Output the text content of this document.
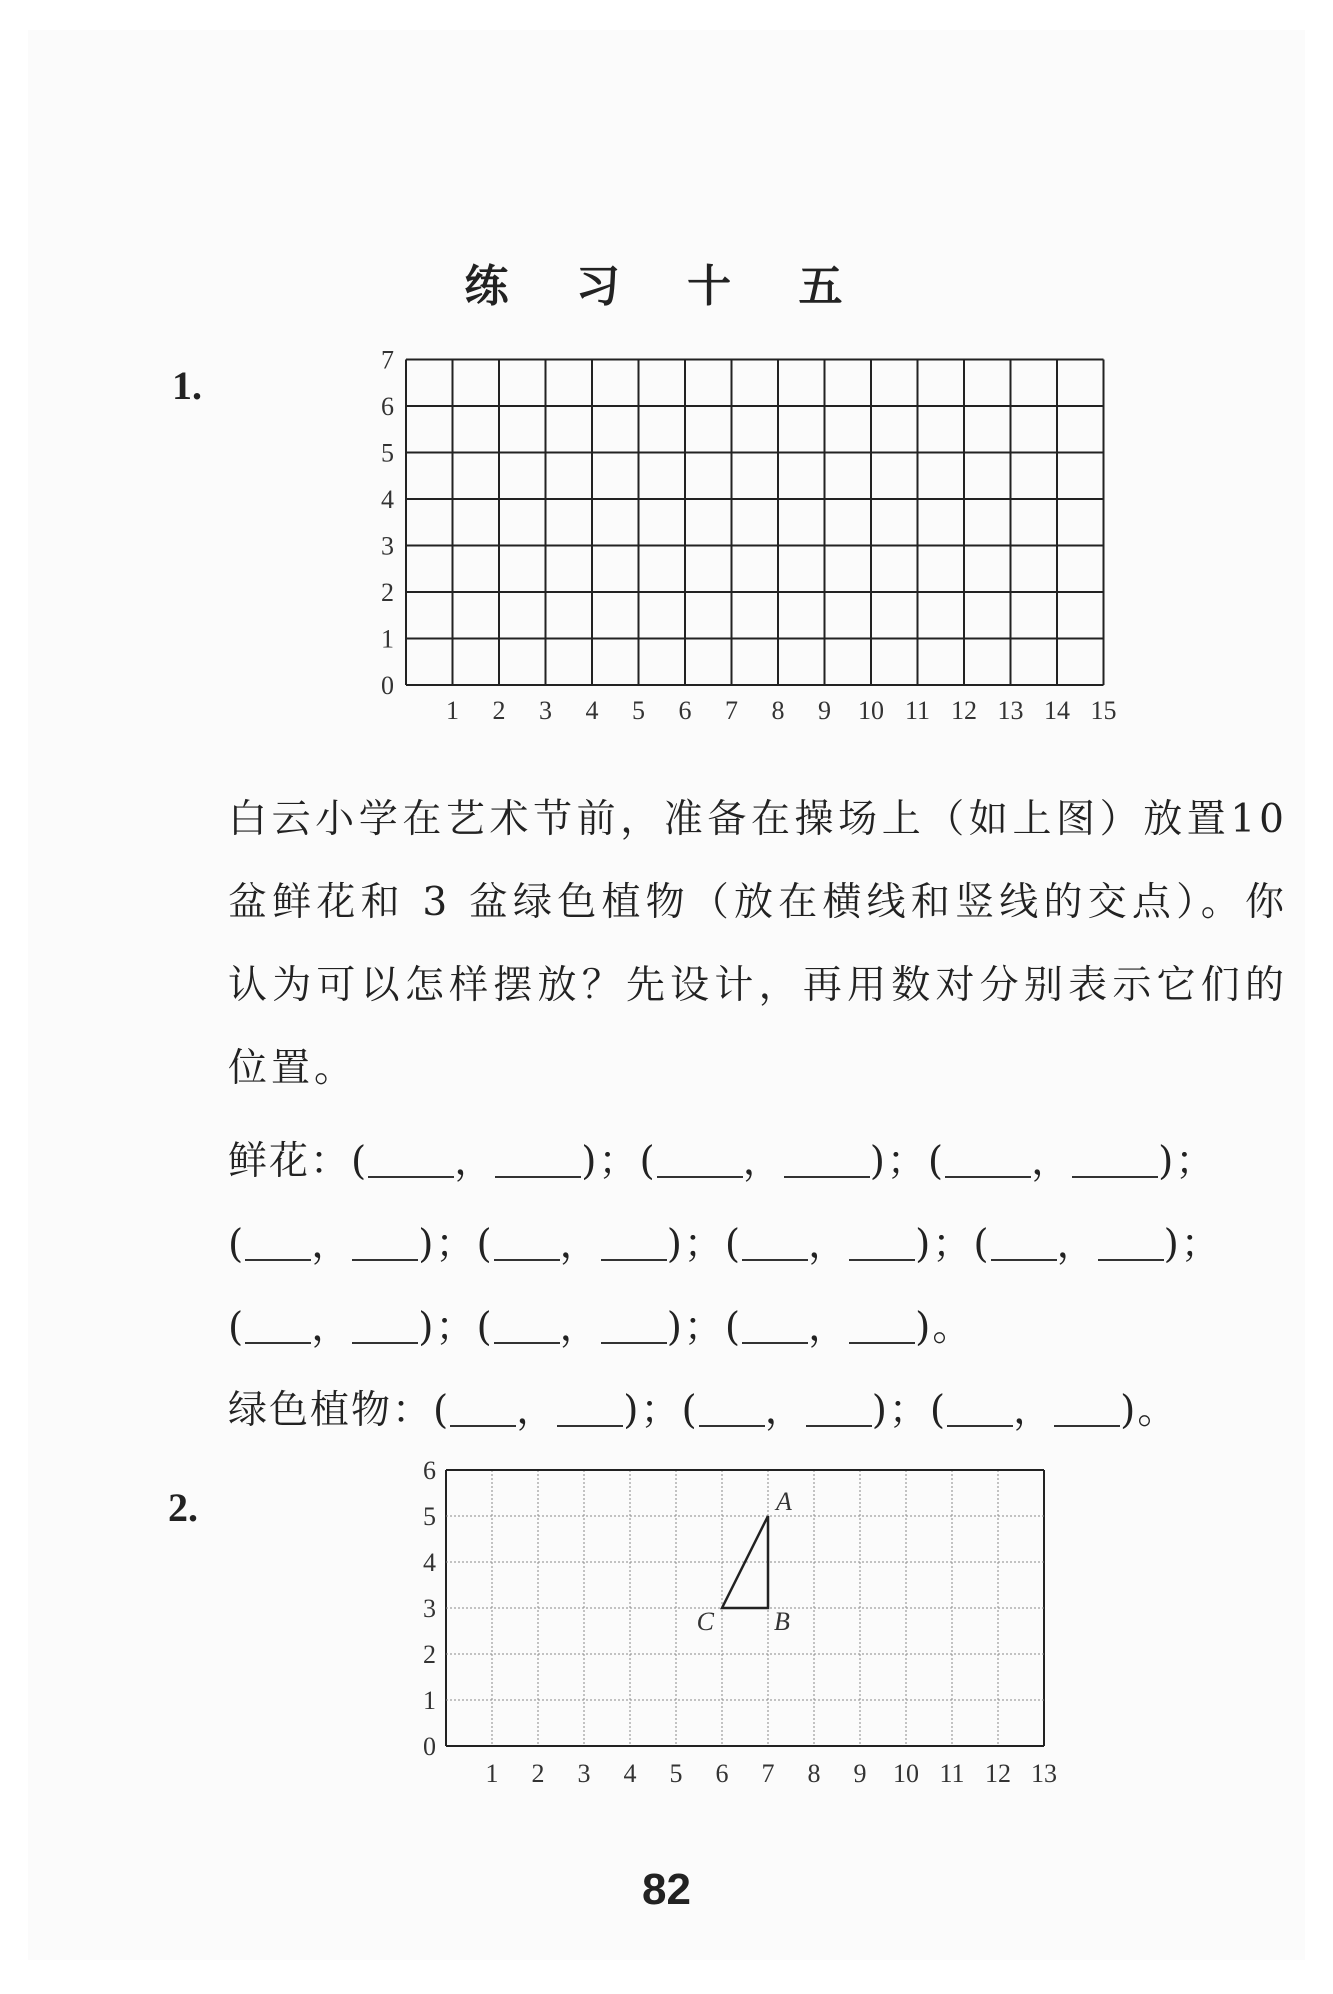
练 习 十 五
1.
1 2 3 4 5 6 7 8 9 10 11 12 13 14 15
0
1
2
3
4
5
6
7
白云小学在艺术节前，准备在操场上（如上图）放置10 盆鲜花和 3 盆绿色植物（放在横线和竖线的交点）。你认为可以怎样摆放？先设计，再用数对分别表示它们的位置。
鲜花：( ， )；( ， )；( ， )；
( ， )；( ， )；( ， )；( ， )；
( ， )；( ， )；( ， )。
绿色植物：( ， )；( ， )；( ， )。
2.
1 2 3 4 5 6 7 8 9 10 11 12 13
0
1
2
3
4
5
6
A
B
C
82
